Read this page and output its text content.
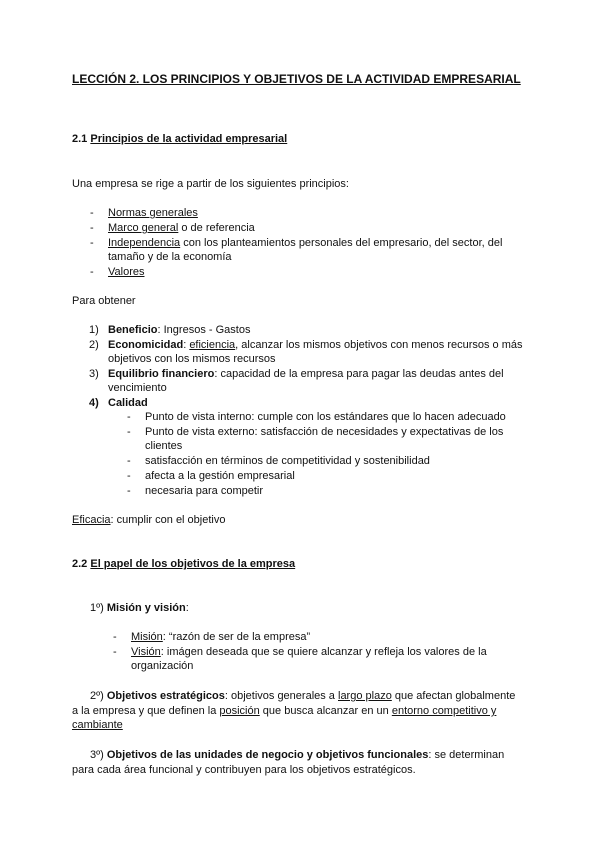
LECCIÓN 2. LOS PRINCIPIOS Y OBJETIVOS DE LA ACTIVIDAD EMPRESARIAL
2.1 Principios de la actividad empresarial
Una empresa se rige a partir de los siguientes principios:
- Normas generales
- Marco general o de referencia
- Independencia con los planteamientos personales del empresario, del sector, del
tamaño y de la economía
- Valores
Para obtener
1) Beneficio: Ingresos - Gastos
2) Economicidad: eficiencia, alcanzar los mismos objetivos con menos recursos o más
objetivos con los mismos recursos
3) Equilibrio financiero: capacidad de la empresa para pagar las deudas antes del
vencimiento
4) Calidad
- Punto de vista interno: cumple con los estándares que lo hacen adecuado
- Punto de vista externo: satisfacción de necesidades y expectativas de los
clientes
- satisfacción en términos de competitividad y sostenibilidad
- afecta a la gestión empresarial
- necesaria para competir
Eficacia: cumplir con el objetivo
2.2 El papel de los objetivos de la empresa
1º) Misión y visión:
- Misión: “razón de ser de la empresa”
- Visión: imágen deseada que se quiere alcanzar y refleja los valores de la
organización
2º) Objetivos estratégicos: objetivos generales a largo plazo que afectan globalmente
a la empresa y que definen la posición que busca alcanzar en un entorno competitivo y
cambiante
3º) Objetivos de las unidades de negocio y objetivos funcionales: se determinan
para cada área funcional y contribuyen para los objetivos estratégicos.
